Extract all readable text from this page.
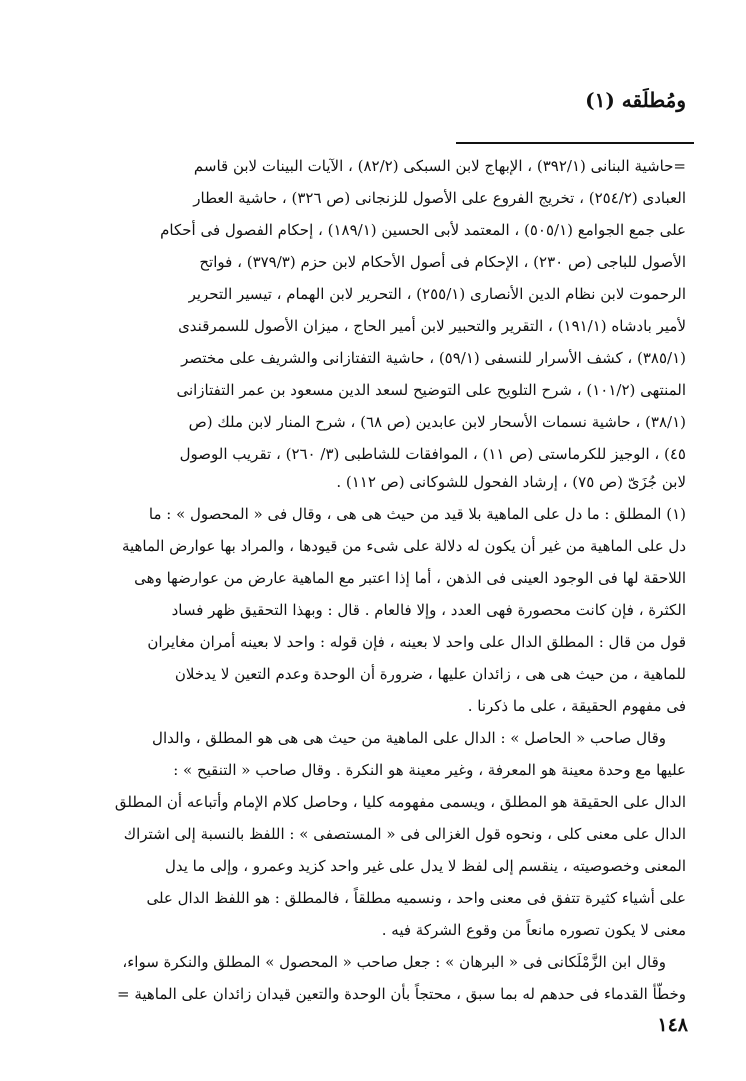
ومُطلَقه (١)
=حاشية البنانى (٣٩٢/١) ، الإبهاج لابن السبكى (٨٢/٢) ، الآيات البينات لابن قاسم
العبادى (٢٥٤/٢) ، تخريج الفروع على الأصول للزنجانى (ص ٣٢٦) ، حاشية العطار
على جمع الجوامع (٥٠٥/١) ، المعتمد لأبى الحسين (١٨٩/١) ، إحكام الفصول فى أحكام
الأصول للباجى (ص ٢٣٠) ، الإحكام فى أصول الأحكام لابن حزم (٣٧٩/٣) ، فواتح
الرحموت لابن نظام الدين الأنصارى (٢٥٥/١) ، التحرير لابن الهمام ، تيسير التحرير
لأمير بادشاه (١٩١/١) ، التقرير والتحبير لابن أمير الحاج ، ميزان الأصول للسمرقندى
(٣٨٥/١) ، كشف الأسرار للنسفى (٥٩/١) ، حاشية التفتازانى والشريف على مختصر
المنتهى (١٠١/٢) ، شرح التلويح على التوضيح لسعد الدين مسعود بن عمر التفتازانى
(٣٨/١) ، حاشية نسمات الأسحار لابن عابدين (ص ٦٨) ، شرح المنار لابن ملك (ص
٤٥) ، الوجيز للكرماستى (ص ١١) ، الموافقات للشاطبى (٣/ ٢٦٠) ، تقريب الوصول
لابن جُزَىّ (ص ٧٥) ، إرشاد الفحول للشوكانى (ص ١١٢) .
(١) المطلق : ما دل على الماهية بلا قيد من حيث هى هى ، وقال فى « المحصول » : ما
دل على الماهية من غير أن يكون له دلالة على شىء من قيودها ، والمراد بها عوارض الماهية
اللاحقة لها فى الوجود العينى فى الذهن ، أما إذا اعتبر مع الماهية عارض من عوارضها وهى
الكثرة ، فإن كانت محصورة فهى العدد ، وإلا فالعام . قال : وبهذا التحقيق ظهر فساد
قول من قال : المطلق الدال على واحد لا بعينه ، فإن قوله : واحد لا بعينه أمران مغايران
للماهية ، من حيث هى هى ، زائدان عليها ، ضرورة أن الوحدة وعدم التعين لا يدخلان
فى مفهوم الحقيقة ، على ما ذكرنا .
وقال صاحب « الحاصل » : الدال على الماهية من حيث هى هى هو المطلق ، والدال
عليها مع وحدة معينة هو المعرفة ، وغير معينة هو النكرة . وقال صاحب « التنقيح » :
الدال على الحقيقة هو المطلق ، ويسمى مفهومه كليا ، وحاصل كلام الإمام وأتباعه أن المطلق
الدال على معنى كلى ، ونحوه قول الغزالى فى « المستصفى » : اللفظ بالنسبة إلى اشتراك
المعنى وخصوصيته ، ينقسم إلى لفظ لا يدل على غير واحد كزيد وعمرو ، وإلى ما يدل
على أشياء كثيرة تتفق فى معنى واحد ، ونسميه مطلقاً ، فالمطلق : هو اللفظ الدال على
معنى لا يكون تصوره مانعاً من وقوع الشركة فيه .
وقال ابن الزَّمْلَكانى فى « البرهان » : جعل صاحب « المحصول » المطلق والنكرة سواء،
وخطّأ القدماء فى حدهم له بما سبق ، محتجاً بأن الوحدة والتعين قيدان زائدان على الماهية =
١٤٨
